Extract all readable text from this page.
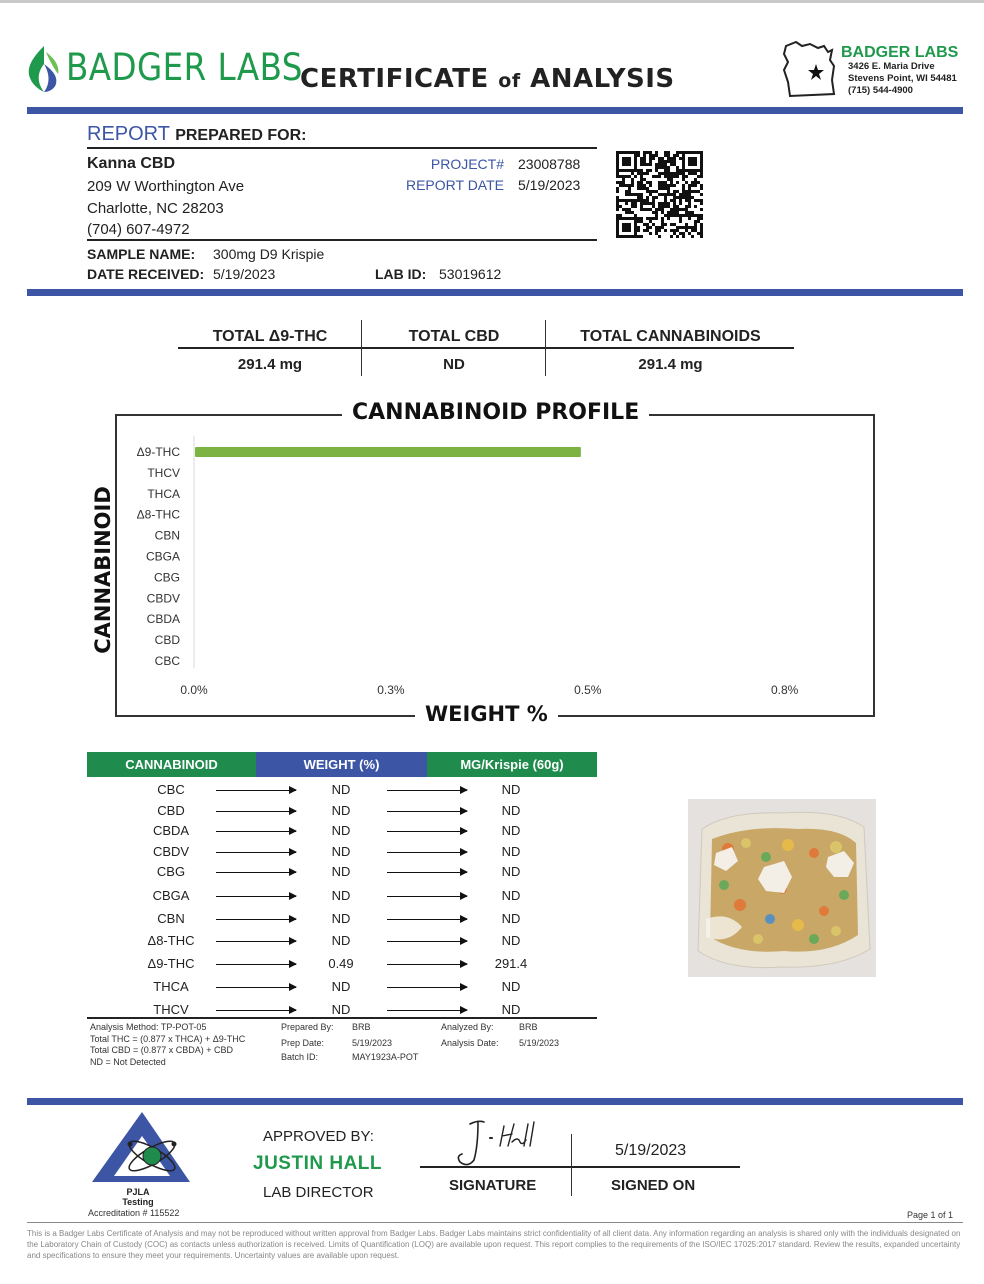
BADGER LABS
CERTIFICATE of ANALYSIS
BADGER LABS
3426 E. Maria Drive
Stevens Point, WI 54481
(715) 544-4900
REPORT PREPARED FOR:
Kanna CBD
209 W Worthington Ave
Charlotte, NC 28203
(704) 607-4972
PROJECT# 23008788
REPORT DATE 5/19/2023
SAMPLE NAME: 300mg D9 Krispie
DATE RECEIVED: 5/19/2023	LAB ID: 53019612
TOTAL Δ9-THC	TOTAL CBD	TOTAL CANNABINOIDS
291.4 mg	ND	291.4 mg
Δ9-THC
THCV
THCA
Δ8-THC
CBN
CBGA
CBG
CBDV
CBDA
CBD
CBC
0.0%	0.3%	0.5%	0.8%
CANNABINOID PROFILE
WEIGHT %
CANNABINOID
CANNABINOID	WEIGHT (%)	MG/Krispie (60g)
CBC	ND	ND
CBD	ND	ND
CBDA	ND	ND
CBDV	ND	ND
CBG	ND	ND
CBGA	ND	ND
CBN	ND	ND
Δ8-THC	ND	ND
Δ9-THC	0.49	291.4
THCA	ND	ND
THCV	ND	ND
Analysis Method: TP-POT-05
Total THC = (0.877 x THCA) + Δ9-THC
Total CBD = (0.877 x CBDA) + CBD
ND = Not Detected
Prepared By: BRB
Prep Date:	5/19/2023
Batch ID:	MAY1923A-POT
Analyzed By:	BRB
Analysis Date: 5/19/2023
PJLA
Testing
Accreditation # 115522
APPROVED BY:
JUSTIN HALL
LAB DIRECTOR
5/19/2023
SIGNATURE	SIGNED ON
Page 1 of 1
This is a Badger Labs Certificate of Analysis and may not be reproduced without written approval from Badger Labs. Badger Labs maintains strict confidentiality of all client data. Any information regarding an analysis is shared only with the individuals designated on the Laboratory Chain of Custody (COC) as contacts unless authorization is received. Limits of Quantification (LOQ) are available upon request. This report complies to the requirements of the ISO/IEC 17025:2017 standard. Review the results, expanded uncertainty and specifications to ensure they meet your requirements. Uncertainty values are available upon request.
